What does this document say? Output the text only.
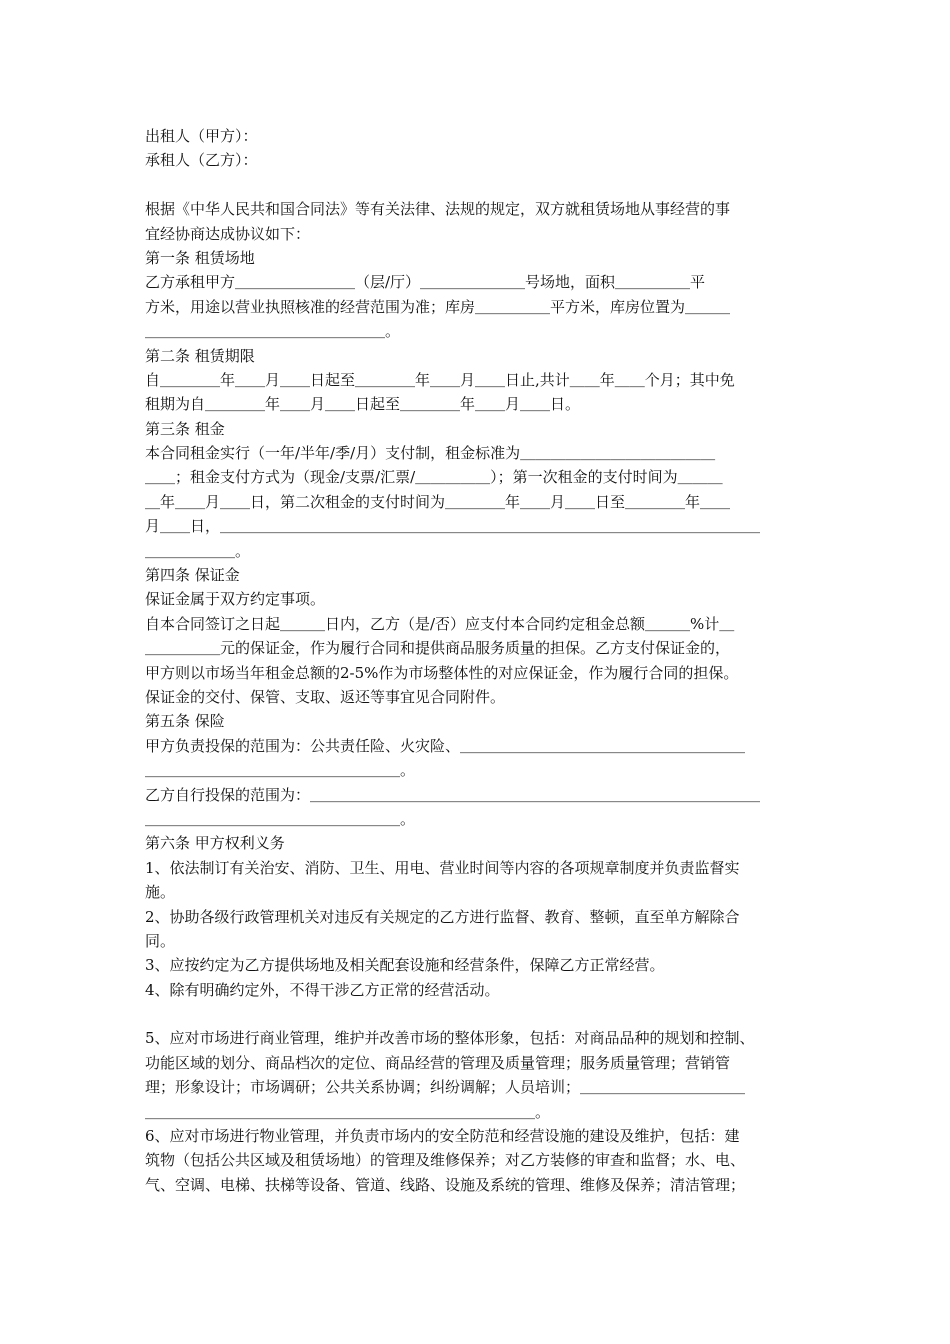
出租人（甲方）：
承租人（乙方）：
根据《中华人民共和国合同法》等有关法律、法规的规定，双方就租赁场地从事经营的事
宜经协商达成协议如下：
第一条 租赁场地
乙方承租甲方＿＿＿＿＿＿＿＿（层/厅）＿＿＿＿＿＿＿号场地，面积＿＿＿＿＿平
方米，用途以营业执照核准的经营范围为准；库房＿＿＿＿＿平方米，库房位置为＿＿＿
＿＿＿＿＿＿＿＿＿＿＿＿＿＿＿＿。
第二条 租赁期限
自＿＿＿＿年＿＿月＿＿日起至＿＿＿＿年＿＿月＿＿日止,共计＿＿年＿＿个月；其中免
租期为自＿＿＿＿年＿＿月＿＿日起至＿＿＿＿年＿＿月＿＿日。
第三条 租金
本合同租金实行（一年/半年/季/月）支付制，租金标准为＿＿＿＿＿＿＿＿＿＿＿＿＿
＿＿；租金支付方式为（现金/支票/汇票/＿＿＿＿＿）；第一次租金的支付时间为＿＿＿
＿年＿＿月＿＿日，第二次租金的支付时间为＿＿＿＿年＿＿月＿＿日至＿＿＿＿年＿＿
月＿＿日，＿＿＿＿＿＿＿＿＿＿＿＿＿＿＿＿＿＿＿＿＿＿＿＿＿＿＿＿＿＿＿＿＿＿＿＿
＿＿＿＿＿＿。
第四条 保证金
保证金属于双方约定事项。
自本合同签订之日起＿＿＿日内，乙方（是/否）应支付本合同约定租金总额＿＿＿%计＿
＿＿＿＿＿元的保证金，作为履行合同和提供商品服务质量的担保。乙方支付保证金的，
甲方则以市场当年租金总额的2-5%作为市场整体性的对应保证金，作为履行合同的担保。
保证金的交付、保管、支取、返还等事宜见合同附件。
第五条 保险
甲方负责投保的范围为：公共责任险、火灾险、＿＿＿＿＿＿＿＿＿＿＿＿＿＿＿＿＿＿＿
＿＿＿＿＿＿＿＿＿＿＿＿＿＿＿＿＿。
乙方自行投保的范围为：＿＿＿＿＿＿＿＿＿＿＿＿＿＿＿＿＿＿＿＿＿＿＿＿＿＿＿＿＿＿
＿＿＿＿＿＿＿＿＿＿＿＿＿＿＿＿＿。
第六条 甲方权利义务
1、依法制订有关治安、消防、卫生、用电、营业时间等内容的各项规章制度并负责监督实
施。
2、协助各级行政管理机关对违反有关规定的乙方进行监督、教育、整顿，直至单方解除合
同。
3、应按约定为乙方提供场地及相关配套设施和经营条件，保障乙方正常经营。
4、除有明确约定外，不得干涉乙方正常的经营活动。
5、应对市场进行商业管理，维护并改善市场的整体形象，包括：对商品品种的规划和控制、
功能区域的划分、商品档次的定位、商品经营的管理及质量管理；服务质量管理；营销管
理；形象设计；市场调研；公共关系协调；纠纷调解；人员培训；＿＿＿＿＿＿＿＿＿＿＿
＿＿＿＿＿＿＿＿＿＿＿＿＿＿＿＿＿＿＿＿＿＿＿＿＿＿。
6、应对市场进行物业管理，并负责市场内的安全防范和经营设施的建设及维护，包括：建
筑物（包括公共区域及租赁场地）的管理及维修保养；对乙方装修的审查和监督；水、电、
气、空调、电梯、扶梯等设备、管道、线路、设施及系统的管理、维修及保养；清洁管理；
